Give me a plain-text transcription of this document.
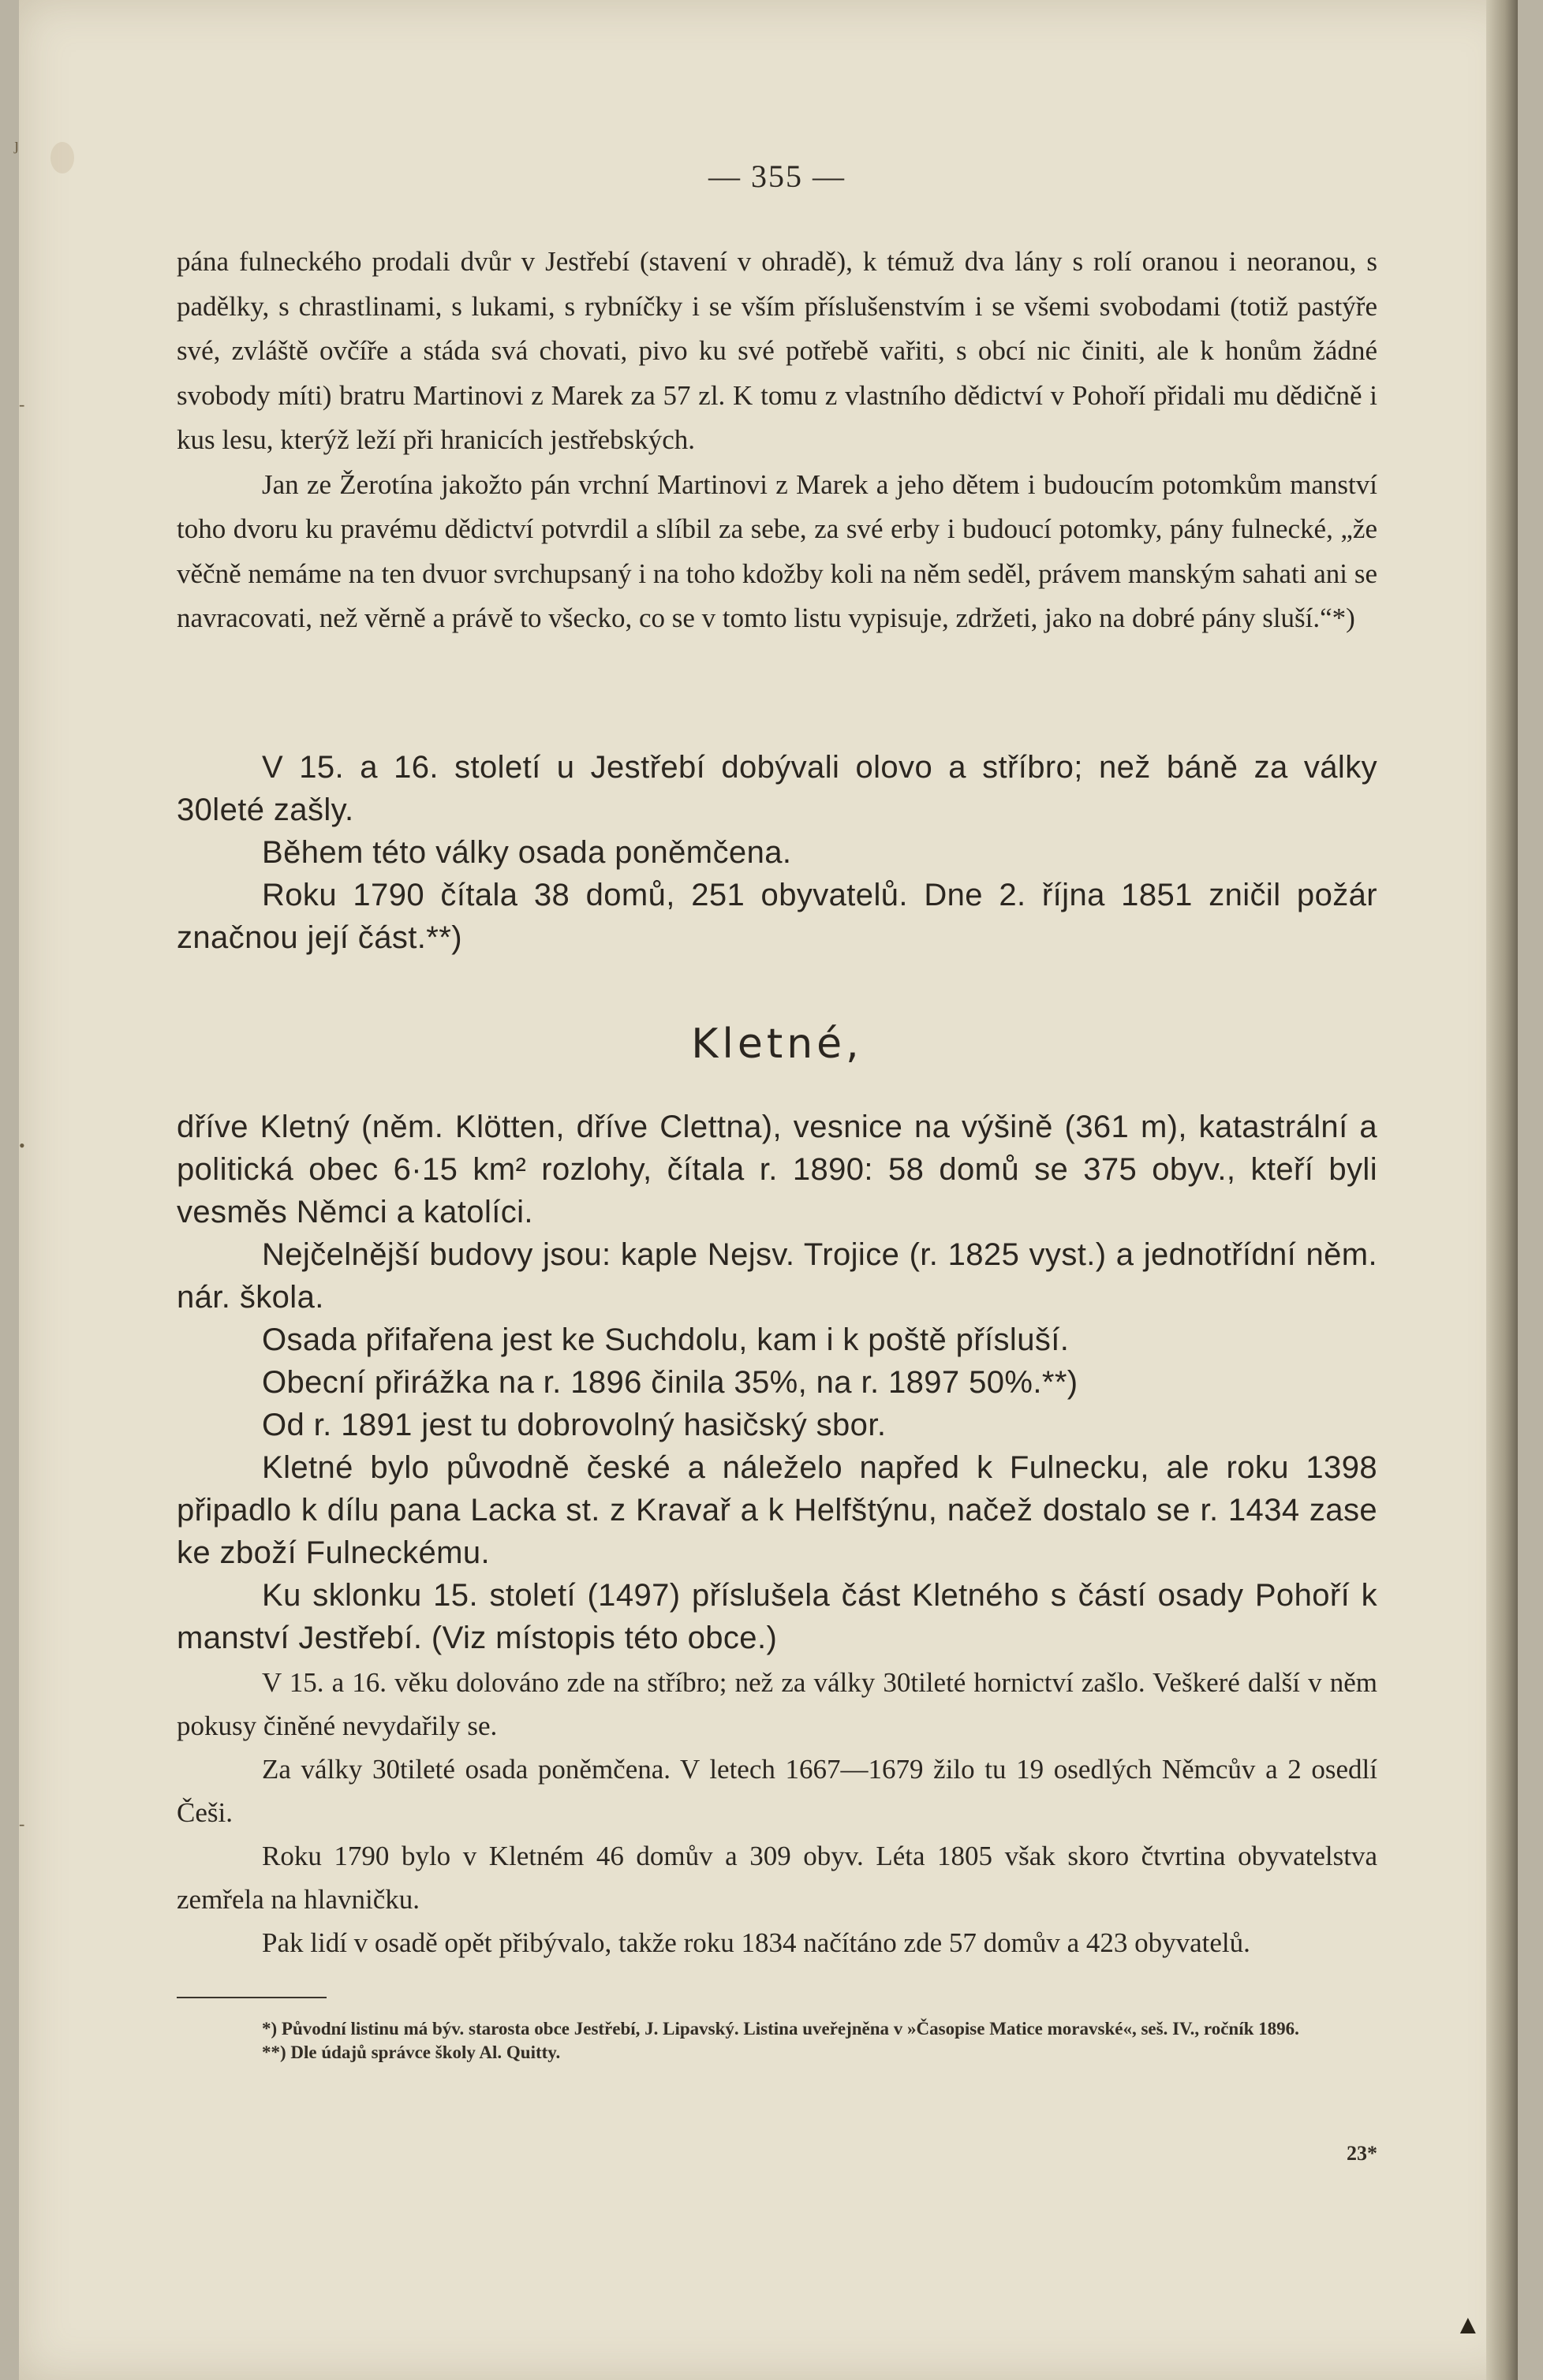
ȷ
-
•
-
▲
— 355 —

pána fulneckého prodali dvůr v Jestřebí (stavení v ohradě), k témuž dva lány s rolí oranou i neoranou, s padělky, s chrastlinami, s lukami, s rybníčky i se vším příslušenstvím i se všemi svobodami (totiž pastýře své, zvláště ovčíře a stáda svá chovati, pivo ku své potřebě vařiti, s obcí nic činiti, ale k honům žádné svobody míti) bratru Martinovi z Marek za 57 zl. K tomu z vlastního dědictví v Pohoří přidali mu dědičně i kus lesu, kterýž leží při hranicích jestřebských.

Jan ze Žerotína jakožto pán vrchní Martinovi z Marek a jeho dětem i budoucím potomkům manství toho dvoru ku pravému dědictví potvrdil a slíbil za sebe, za své erby i budoucí potomky, pány fulnecké, „že věčně nemáme na ten dvuor svrchupsaný i na toho kdožby koli na něm seděl, právem manským sahati ani se navracovati, než věrně a právě to všecko, co se v tomto listu vypisuje, zdržeti, jako na dobré pány sluší.“*)

V 15. a 16. století u Jestřebí dobývali olovo a stříbro; než báně za války 30leté zašly.

Během této války osada poněmčena.

Roku 1790 čítala 38 domů, 251 obyvatelů. Dne 2. října 1851 zničil požár značnou její část.**)

Kletné,

dříve Kletný (něm. Klötten, dříve Clettna), vesnice na výšině (361 m), katastrální a politická obec 6·15 km² rozlohy, čítala r. 1890: 58 domů se 375 obyv., kteří byli vesměs Němci a katolíci.

Nejčelnější budovy jsou: kaple Nejsv. Trojice (r. 1825 vyst.) a jednotřídní něm. nár. škola.

Osada přifařena jest ke Suchdolu, kam i k poště přísluší.

Obecní přirážka na r. 1896 činila 35%, na r. 1897 50%.**)

Od r. 1891 jest tu dobrovolný hasičský sbor.

Kletné bylo původně české a náleželo napřed k Fulnecku, ale roku 1398 připadlo k dílu pana Lacka st. z Kravař a k Helfštýnu, načež dostalo se r. 1434 zase ke zboží Fulneckému.

Ku sklonku 15. století (1497) příslušela část Kletného s částí osady Pohoří k manství Jestřebí. (Viz místopis této obce.)

V 15. a 16. věku dolováno zde na stříbro; než za války 30tileté hornictví zašlo. Veškeré další v něm pokusy činěné nevydařily se.

Za války 30tileté osada poněmčena. V letech 1667—1679 žilo tu 19 osedlých Němcův a 2 osedlí Češi.

Roku 1790 bylo v Kletném 46 domův a 309 obyv. Léta 1805 však skoro čtvrtina obyvatelstva zemřela na hlavničku.

Pak lidí v osadě opět přibývalo, takže roku 1834 načítáno zde 57 domův a 423 obyvatelů.

*) Původní listinu má býv. starosta obce Jestřebí, J. Lipavský. Listina uveřejněna v »Časopise Matice moravské«, seš. IV., ročník 1896.

**) Dle údajů správce školy Al. Quitty.

23*
